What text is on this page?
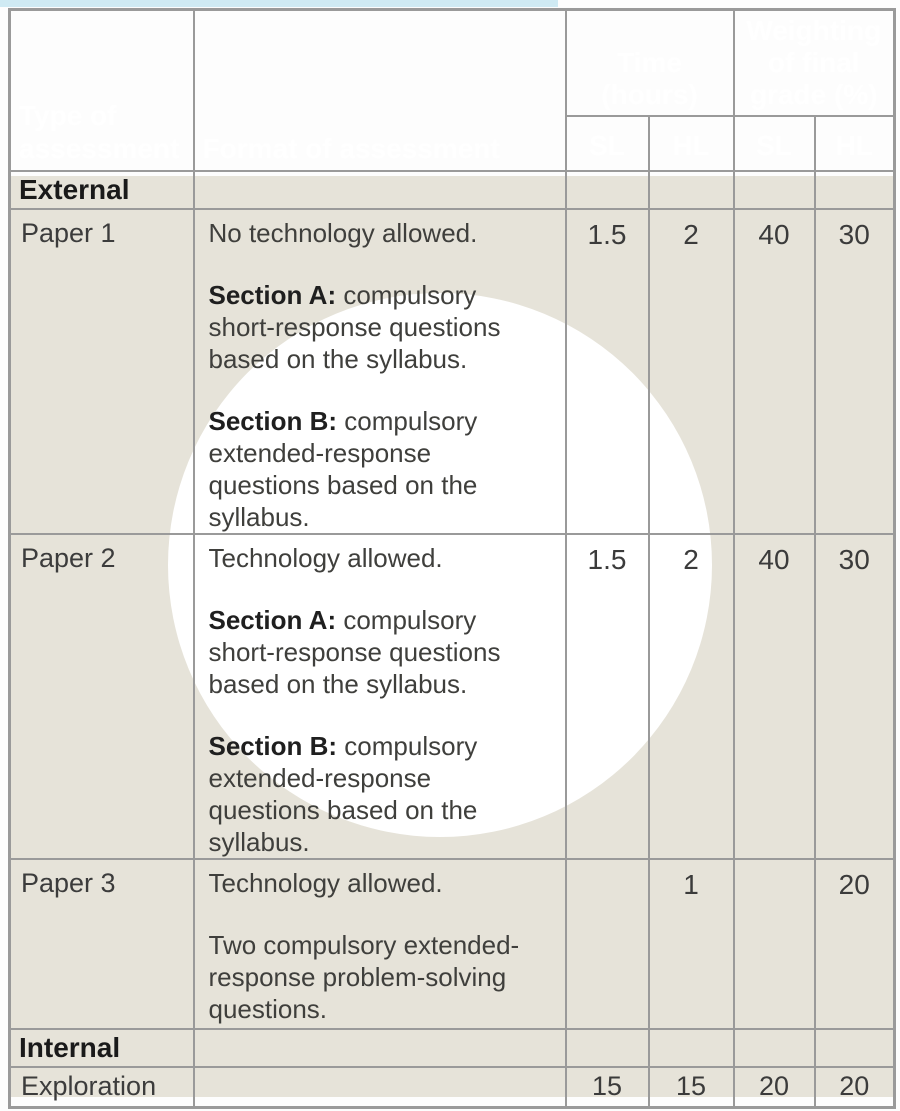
Type of assessment	Format of assessment	Time (hours)		Weighting of final grade (%)	
		SL	HL	SL	HL
External					
Paper 1	No technology allowed.

Section A: compulsory short-response questions based on the syllabus.

Section B: compulsory extended-response questions based on the syllabus.	1.5	2	40	30
Paper 2	Technology allowed.

Section A: compulsory short-response questions based on the syllabus.

Section B: compulsory extended-response questions based on the syllabus.	1.5	2	40	30
Paper 3	Technology allowed.

Two compulsory extended-response problem-solving questions.		1		20
Internal					
Exploration		15	15	20	20
